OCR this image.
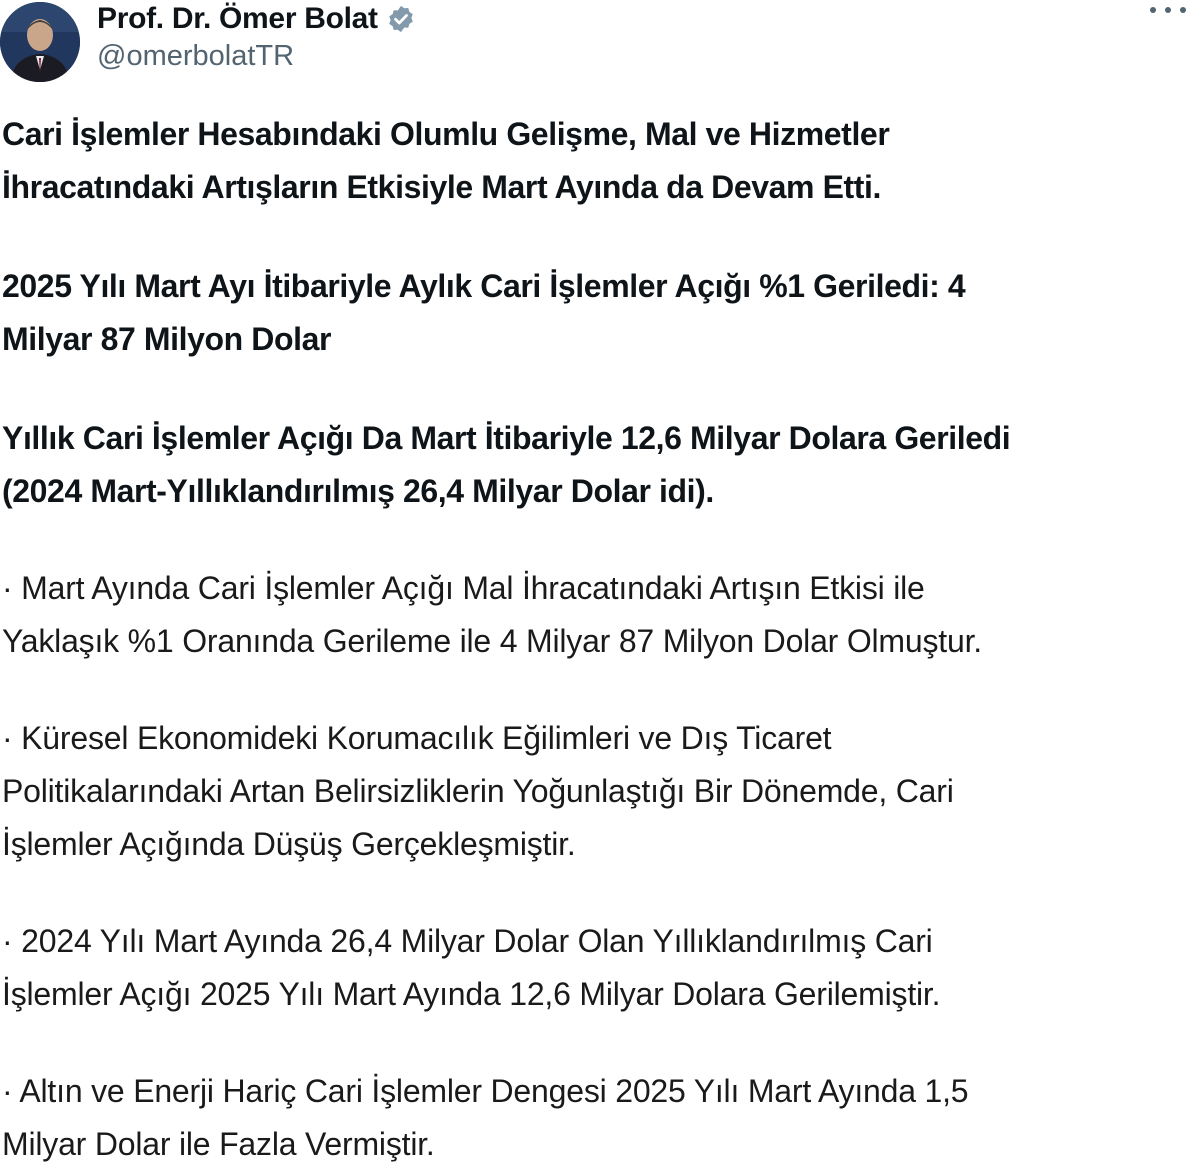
Prof. Dr. Ömer Bolat
@omerbolatTR

Cari İşlemler Hesabındaki Olumlu Gelişme, Mal ve Hizmetler
İhracatındaki Artışların Etkisiyle Mart Ayında da Devam Etti.

2025 Yılı Mart Ayı İtibariyle Aylık Cari İşlemler Açığı %1 Geriledi: 4
Milyar 87 Milyon Dolar

Yıllık Cari İşlemler Açığı Da Mart İtibariyle 12,6 Milyar Dolara Geriledi
(2024 Mart-Yıllıklandırılmış 26,4 Milyar Dolar idi).

· Mart Ayında Cari İşlemler Açığı Mal İhracatındaki Artışın Etkisi ile
Yaklaşık %1 Oranında Gerileme ile 4 Milyar 87 Milyon Dolar Olmuştur.

· Küresel Ekonomideki Korumacılık Eğilimleri ve Dış Ticaret
Politikalarındaki Artan Belirsizliklerin Yoğunlaştığı Bir Dönemde, Cari
İşlemler Açığında Düşüş Gerçekleşmiştir.

· 2024 Yılı Mart Ayında 26,4 Milyar Dolar Olan Yıllıklandırılmış Cari
İşlemler Açığı 2025 Yılı Mart Ayında 12,6 Milyar Dolara Gerilemiştir.

· Altın ve Enerji Hariç Cari İşlemler Dengesi 2025 Yılı Mart Ayında 1,5
Milyar Dolar ile Fazla Vermiştir.
